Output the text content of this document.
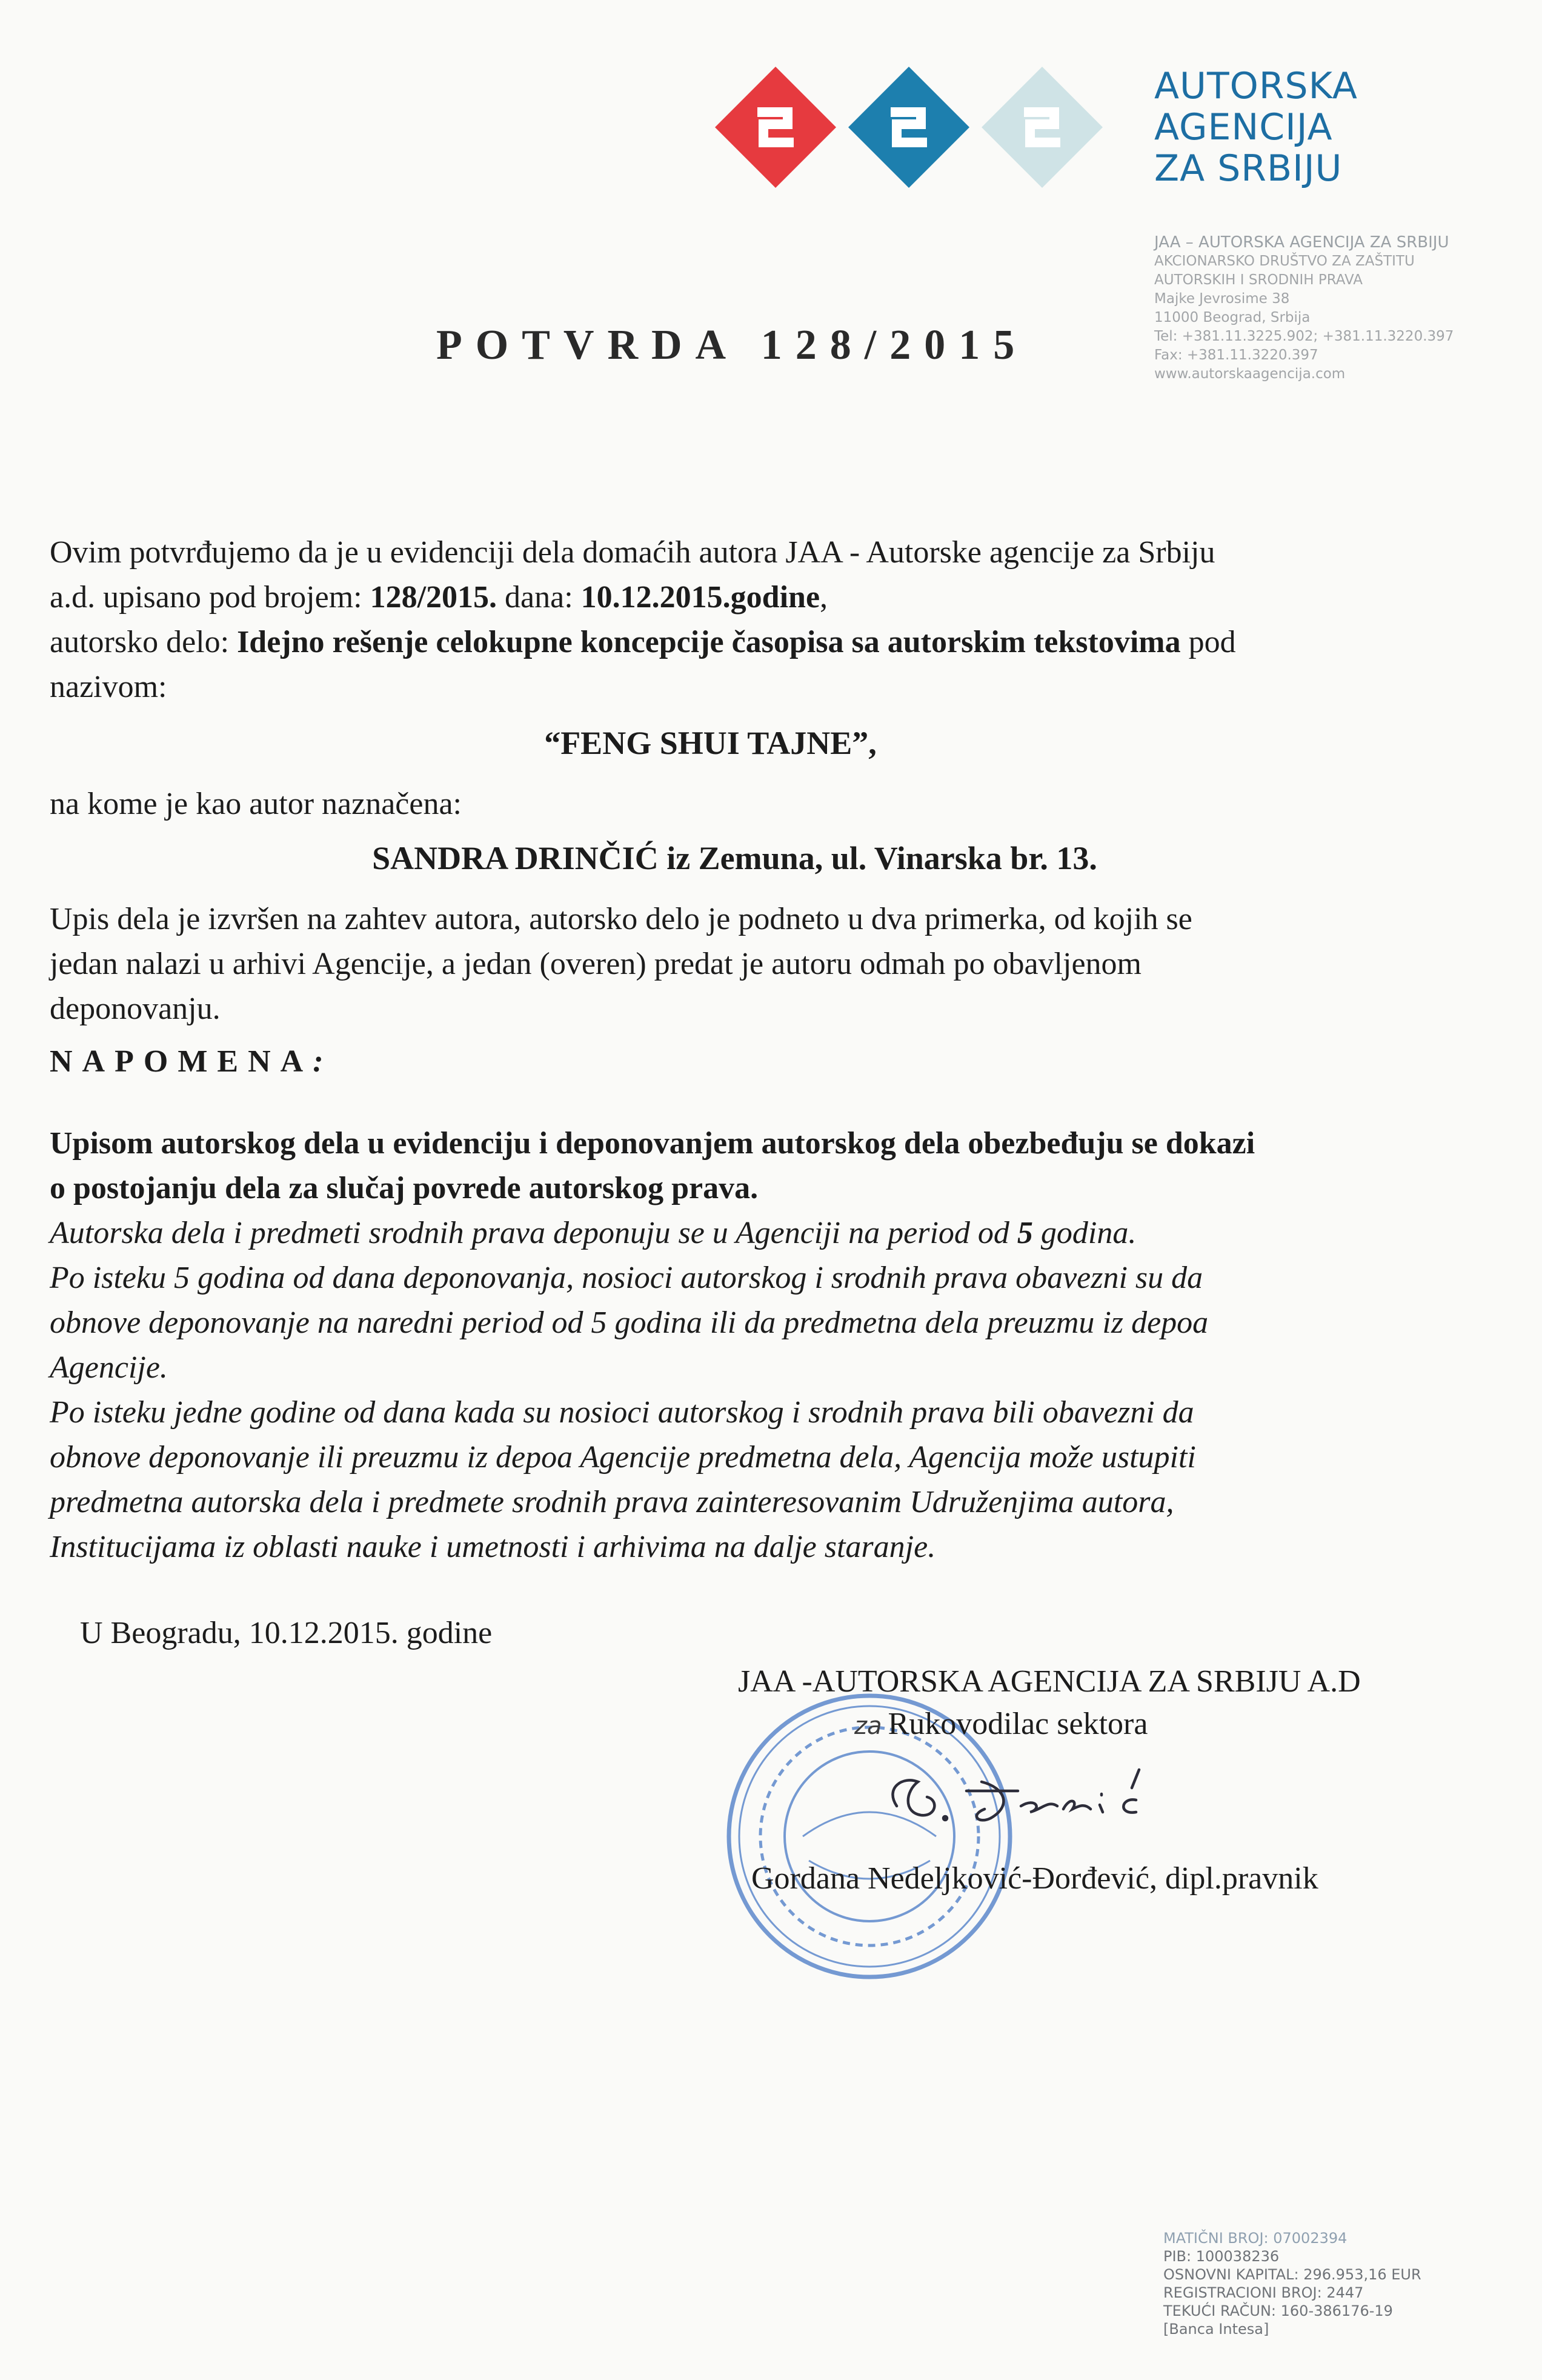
AUTORSKA
AGENCIJA
ZA SRBIJU
JAA – AUTORSKA AGENCIJA ZA SRBIJU
AKCIONARSKO DRUŠTVO ZA ZAŠTITU
AUTORSKIH I SRODNIH PRAVA
Majke Jevrosime 38
11000 Beograd, Srbija
Tel: +381.11.3225.902; +381.11.3220.397
Fax: +381.11.3220.397
www.autorskaagencija.com
POTVRDA 128/2015

Ovim potvrđujemo da je u evidenciji dela domaćih autora JAA - Autorske agencije za Srbiju

a.d. upisano pod brojem: 128/2015. dana: 10.12.2015.godine,

autorsko delo: Idejno rešenje celokupne koncepcije časopisa sa autorskim tekstovima pod

nazivom:

“FENG SHUI TAJNE”,
na kome je kao autor naznačena:
SANDRA DRINČIĆ iz Zemuna, ul. Vinarska br. 13.

Upis dela je izvršen na zahtev autora, autorsko delo je podneto u dva primerka, od kojih se

jedan nalazi u arhivi Agencije, a jedan (overen) predat je autoru odmah po obavljenom

deponovanju.

NAPOMENA:

Upisom autorskog dela u evidenciju i deponovanjem autorskog dela obezbeđuju se dokazi

o postojanju dela za slučaj povrede autorskog prava.

Autorska dela i predmeti srodnih prava deponuju se u Agenciji na period od 5 godina.

Po isteku 5 godina od dana deponovanja, nosioci autorskog i srodnih prava obavezni su da

obnove deponovanje na naredni period od 5 godina ili da predmetna dela preuzmu iz depoa

Agencije.

Po isteku jedne godine od dana kada su nosioci autorskog i srodnih prava bili obavezni da

obnove deponovanje ili preuzmu iz depoa Agencije predmetna dela, Agencija može ustupiti

predmetna autorska dela i predmete srodnih prava zainteresovanim Udruženjima autora,

Institucijama iz oblasti nauke i umetnosti i arhivima na dalje staranje.

U Beogradu, 10.12.2015. godine
JAA -AUTORSKA AGENCIJA ZA SRBIJU A.D
za Rukovodilac sektora
Gordana Nedeljković-Đorđević, dipl.pravnik
MATIČNI BROJ: 07002394
PIB: 100038236
OSNOVNI KAPITAL: 296.953,16 EUR
REGISTRACIONI BROJ: 2447
TEKUĆI RAČUN: 160-386176-19
[Banca Intesa]
